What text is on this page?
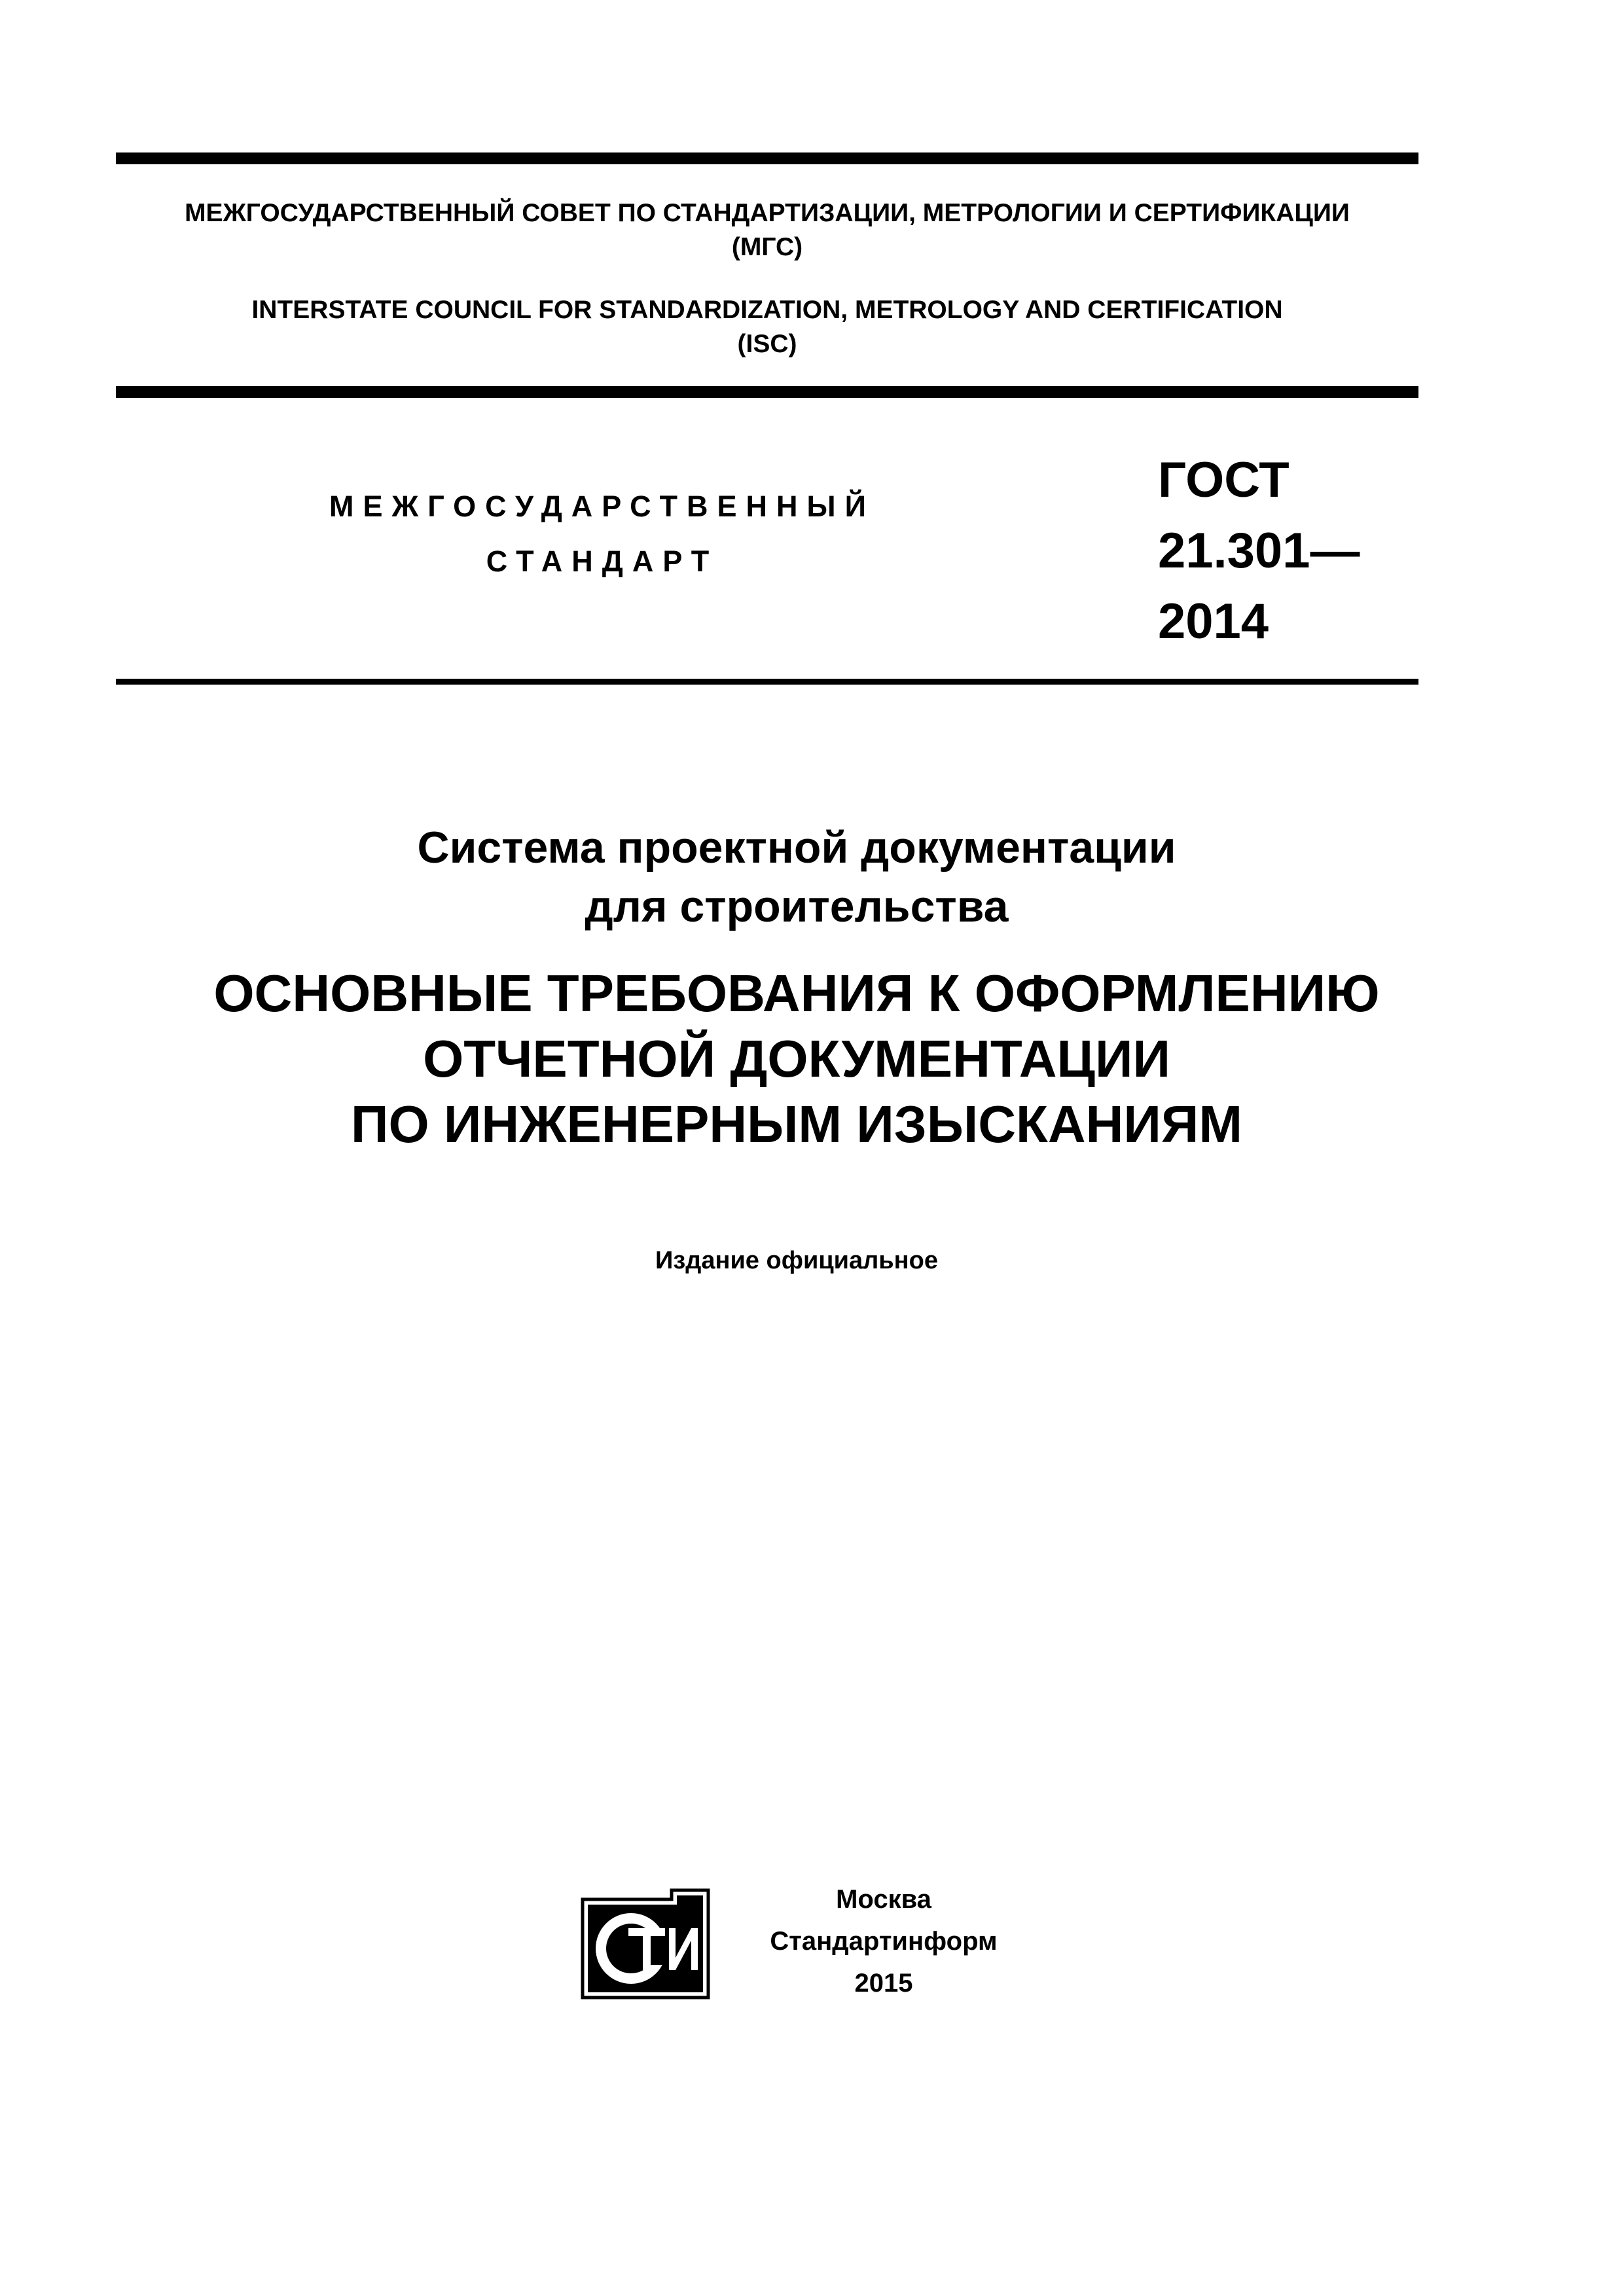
МЕЖГОСУДАРСТВЕННЫЙ СОВЕТ ПО СТАНДАРТИЗАЦИИ, МЕТРОЛОГИИ И СЕРТИФИКАЦИИ
(МГС)
INTERSTATE COUNCIL FOR STANDARDIZATION, METROLOGY AND CERTIFICATION
(ISC)
МЕЖГОСУДАРСТВЕННЫЙ
СТАНДАРТ
ГОСТ
21.301—
2014
Система проектной документации
для строительства
ОСНОВНЫЕ ТРЕБОВАНИЯ К ОФОРМЛЕНИЮ
ОТЧЕТНОЙ ДОКУМЕНТАЦИИ
ПО ИНЖЕНЕРНЫМ ИЗЫСКАНИЯМ
Издание официальное
Москва
Стандартинформ
2015
